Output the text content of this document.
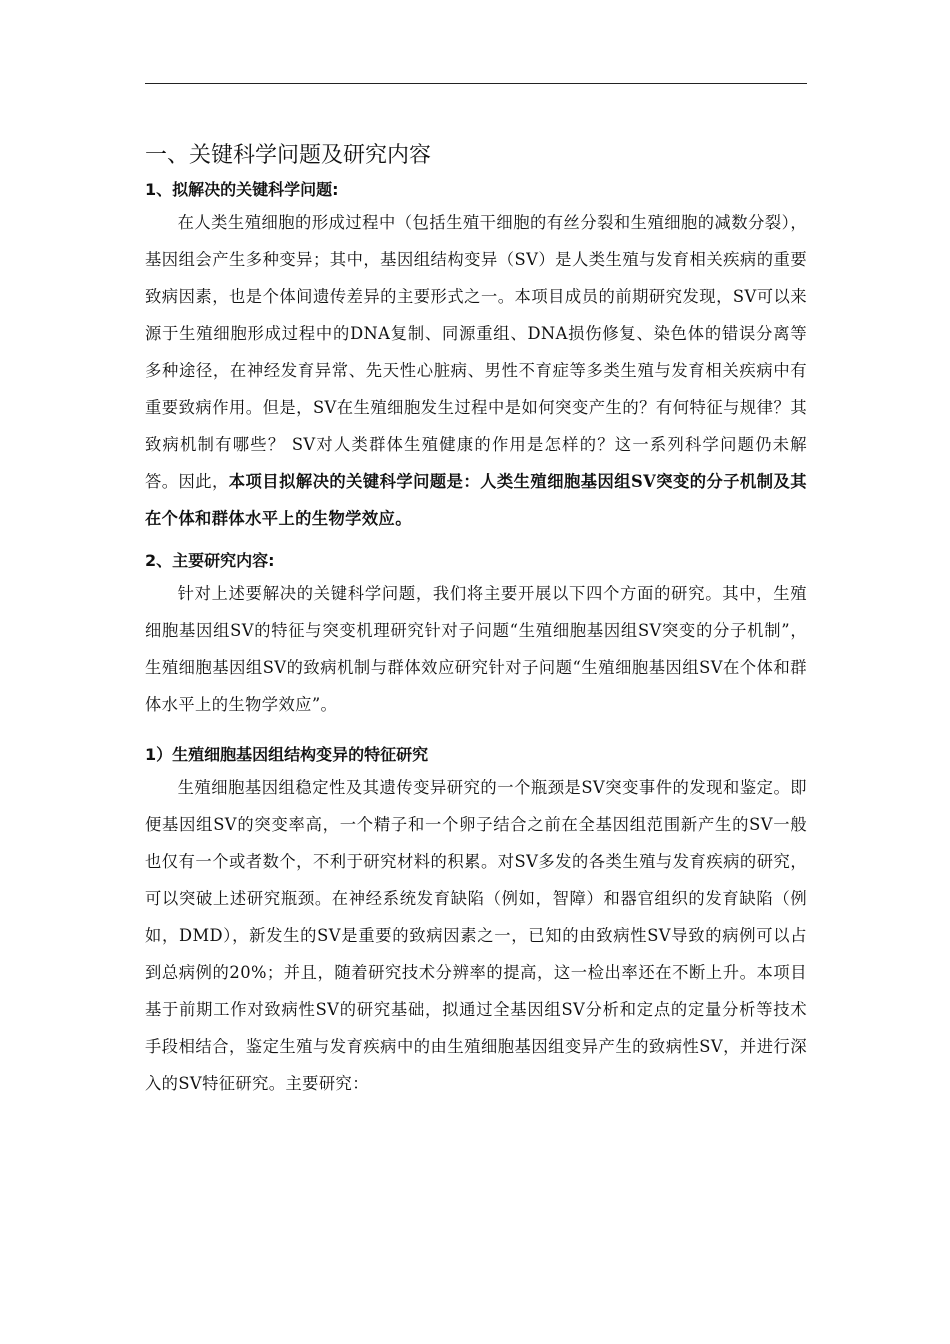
一、关键科学问题及研究内容
1、拟解决的关键科学问题:

在人类生殖细胞的形成过程中（包括生殖干细胞的有丝分裂和生殖细胞的减数分裂），基因组会产生多种变异；其中，基因组结构变异（SV）是人类生殖与发育相关疾病的重要致病因素，也是个体间遗传差异的主要形式之一。本项目成员的前期研究发现，SV可以来源于生殖细胞形成过程中的DNA复制、同源重组、DNA损伤修复、染色体的错误分离等多种途径，在神经发育异常、先天性心脏病、男性不育症等多类生殖与发育相关疾病中有重要致病作用。但是，SV在生殖细胞发生过程中是如何突变产生的？有何特征与规律？其致病机制有哪些？ SV对人类群体生殖健康的作用是怎样的？这一系列科学问题仍未解答。因此，本项目拟解决的关键科学问题是：人类生殖细胞基因组SV突变的分子机制及其在个体和群体水平上的生物学效应。

2、主要研究内容:

针对上述要解决的关键科学问题，我们将主要开展以下四个方面的研究。其中，生殖细胞基因组SV的特征与突变机理研究针对子问题“生殖细胞基因组SV突变的分子机制”，生殖细胞基因组SV的致病机制与群体效应研究针对子问题“生殖细胞基因组SV在个体和群体水平上的生物学效应”。

1）生殖细胞基因组结构变异的特征研究

生殖细胞基因组稳定性及其遗传变异研究的一个瓶颈是SV突变事件的发现和鉴定。即便基因组SV的突变率高，一个精子和一个卵子结合之前在全基因组范围新产生的SV一般也仅有一个或者数个，不利于研究材料的积累。对SV多发的各类生殖与发育疾病的研究，可以突破上述研究瓶颈。在神经系统发育缺陷（例如，智障）和器官组织的发育缺陷（例如，DMD），新发生的SV是重要的致病因素之一，已知的由致病性SV导致的病例可以占到总病例的20%；并且，随着研究技术分辨率的提高，这一检出率还在不断上升。本项目基于前期工作对致病性SV的研究基础，拟通过全基因组SV分析和定点的定量分析等技术手段相结合，鉴定生殖与发育疾病中的由生殖细胞基因组变异产生的致病性SV，并进行深入的SV特征研究。主要研究：
